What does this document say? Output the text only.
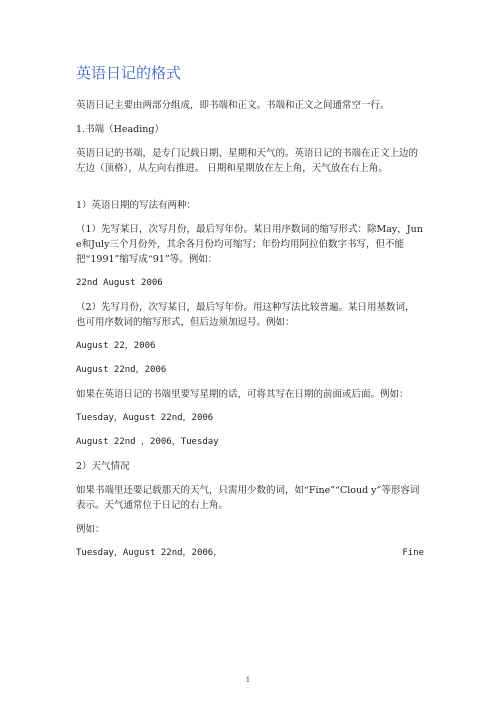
英语日记的格式

英语日记主要由两部分组成，即书端和正文。书端和正文之间通常空一行。

1.书端（Heading）

英语日记的书端，是专门记载日期、星期和天气的。英语日记的书端在正文上边的左边（顶格），从左向右推进。 日期和星期放在左上角，天气放在右上角。

1）英语日期的写法有两种：

（1）先写某日，次写月份，最后写年份。某日用序数词的缩写形式：除May，June和July三个月份外，其余各月份均可缩写；年份均用阿拉伯数字书写，但不能把“1991”缩写成“91”等。例如：

22nd August 2006

（2）先写月份，次写某日，最后写年份。用这种写法比较普遍。某日用基数词，也可用序数词的缩写形式，但后边须加逗号。例如：

August 22，2006

August 22nd，2006

如果在英语日记的书端里要写星期的话，可将其写在日期的前面或后面。例如：

Tuesday，August 22nd，2006

August 22nd ，2006，Tuesday

2）天气情况

如果书端里还要记载那天的天气，只需用少数的词，如“Fine”“Cloud y”等形容词表示。天气通常位于日记的右上角。

例如：

Tuesday，August 22nd，2006，	Fine
1
